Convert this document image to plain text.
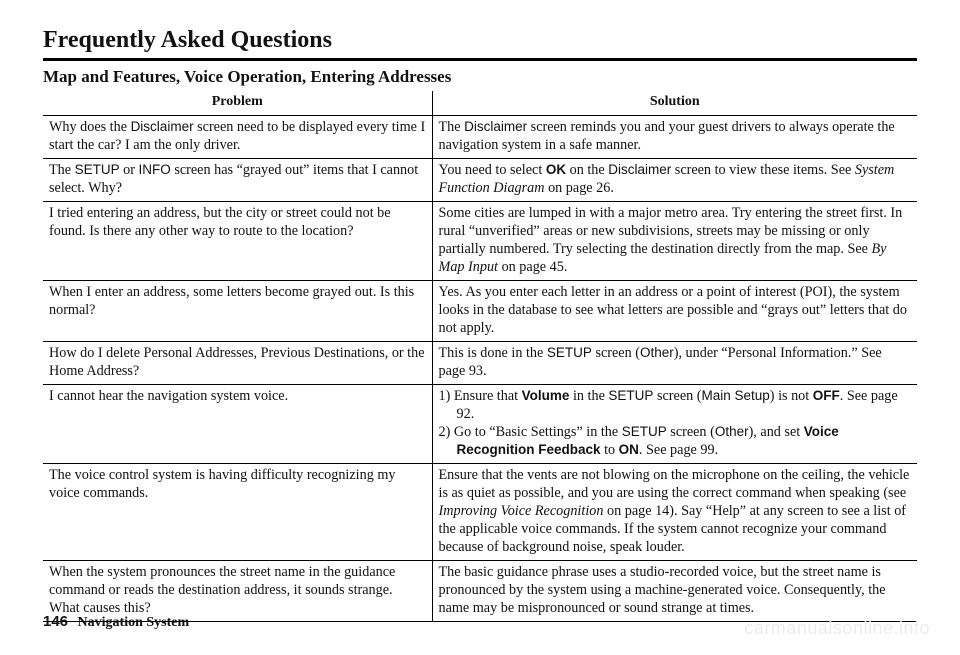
Frequently Asked Questions
Map and Features, Voice Operation, Entering Addresses
Problem	Solution
Why does the Disclaimer screen need to be displayed every time I start the car? I am the only driver.	The Disclaimer screen reminds you and your guest drivers to always operate the navigation system in a safe manner.
The SETUP or INFO screen has “grayed out” items that I cannot select. Why?	You need to select OK on the Disclaimer screen to view these items. See System Function Diagram on page 26.
I tried entering an address, but the city or street could not be found. Is there any other way to route to the location?	Some cities are lumped in with a major metro area. Try entering the street first. In rural “unverified” areas or new subdivisions, streets may be missing or only partially numbered. Try selecting the destination directly from the map. See By Map Input on page 45.
When I enter an address, some letters become grayed out. Is this normal?	Yes. As you enter each letter in an address or a point of interest (POI), the system looks in the database to see what letters are possible and “grays out” letters that do not apply.
How do I delete Personal Addresses, Previous Destinations, or the Home Address?	This is done in the SETUP screen (Other), under “Personal Information.” See page 93.
I cannot hear the navigation system voice.	1) Ensure that Volume in the SETUP screen (Main Setup) is not OFF. See page 92.
2) Go to “Basic Settings” in the SETUP screen (Other), and set Voice Recognition Feedback to ON. See page 99.

The voice control system is having difficulty recognizing my voice commands.	Ensure that the vents are not blowing on the microphone on the ceiling, the vehicle is as quiet as possible, and you are using the correct command when speaking (see Improving Voice Recognition on page 14). Say “Help” at any screen to see a list of the applicable voice commands. If the system cannot recognize your command because of background noise, speak louder.
When the system pronounces the street name in the guidance command or reads the destination address, it sounds strange. What causes this?	The basic guidance phrase uses a studio-recorded voice, but the street name is pronounced by the system using a machine-generated voice. Consequently, the name may be mispronounced or sound strange at times.
146 Navigation System	carmanualsonline.info
